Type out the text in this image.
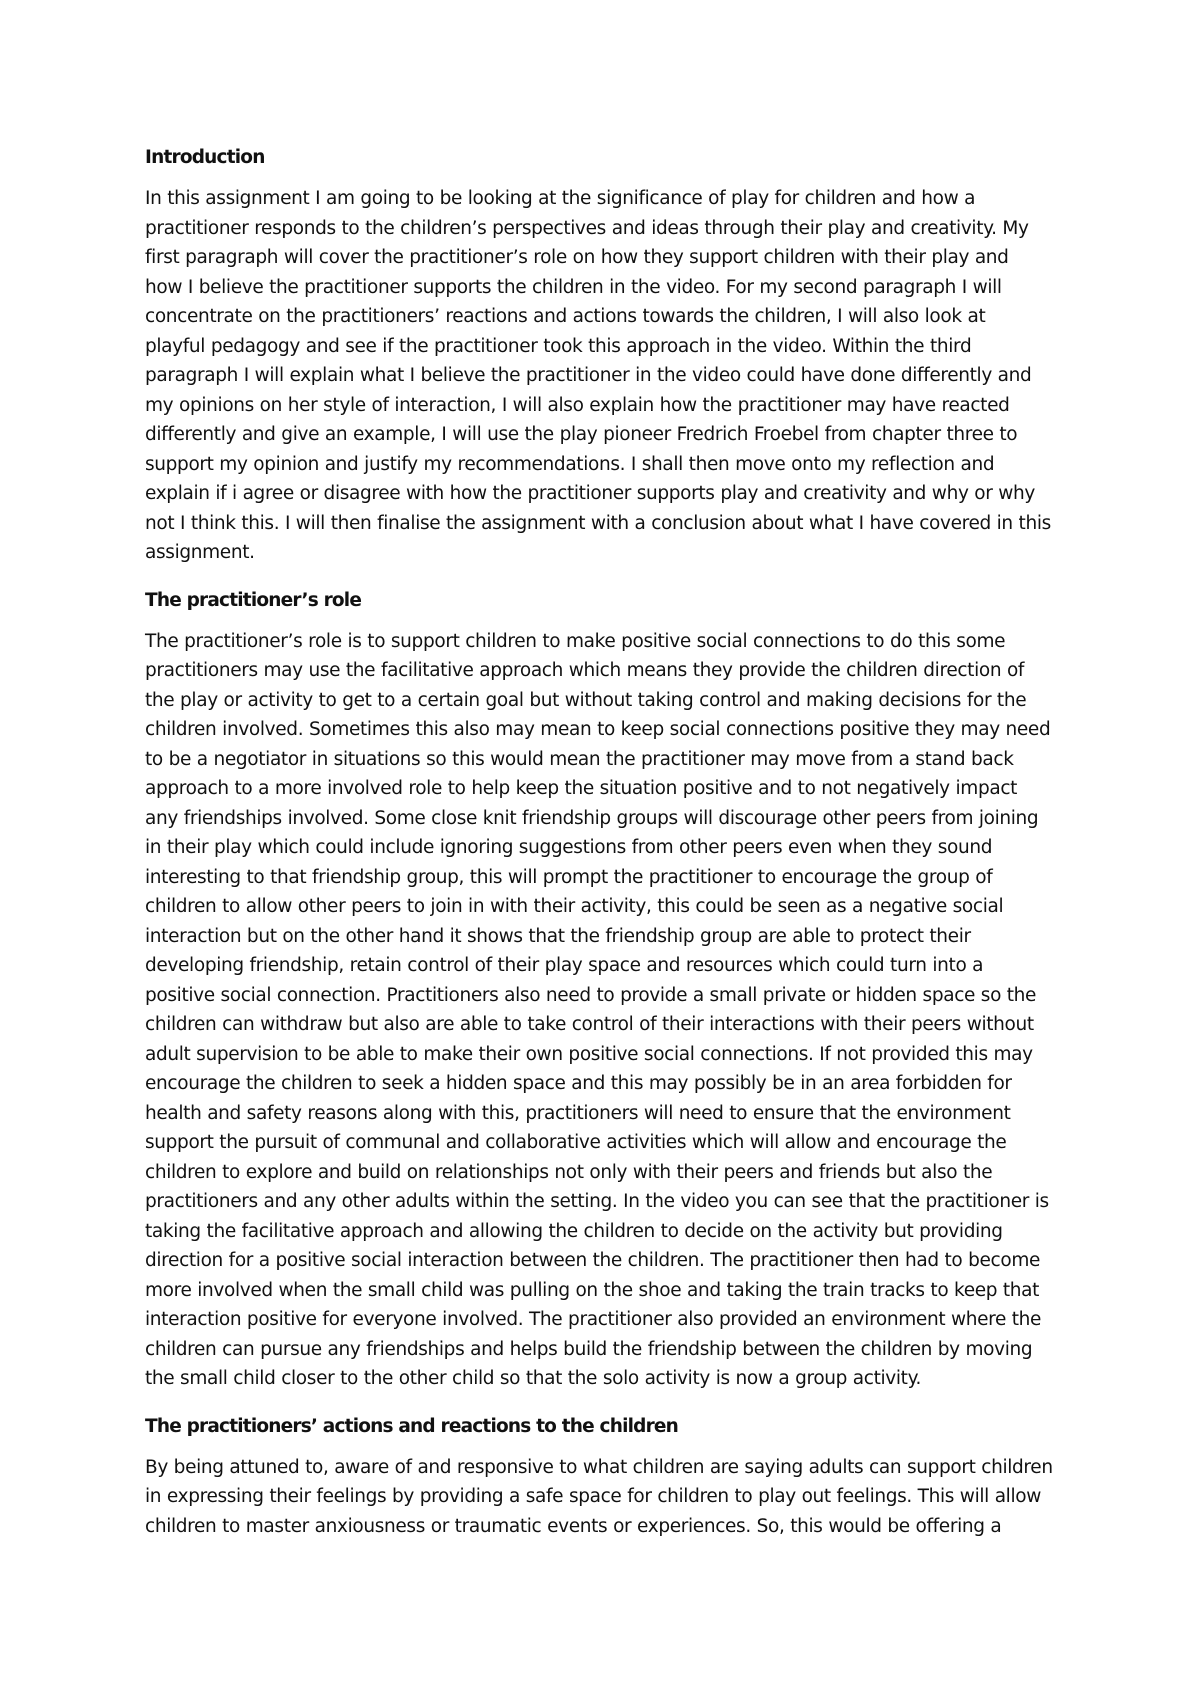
Introduction

In this assignment I am going to be looking at the significance of play for children and how a
practitioner responds to the children’s perspectives and ideas through their play and creativity. My
first paragraph will cover the practitioner’s role on how they support children with their play and
how I believe the practitioner supports the children in the video. For my second paragraph I will
concentrate on the practitioners’ reactions and actions towards the children, I will also look at
playful pedagogy and see if the practitioner took this approach in the video. Within the third
paragraph I will explain what I believe the practitioner in the video could have done differently and
my opinions on her style of interaction, I will also explain how the practitioner may have reacted
differently and give an example, I will use the play pioneer Fredrich Froebel from chapter three to
support my opinion and justify my recommendations. I shall then move onto my reflection and
explain if i agree or disagree with how the practitioner supports play and creativity and why or why
not I think this. I will then finalise the assignment with a conclusion about what I have covered in this
assignment.

The practitioner’s role

The practitioner’s role is to support children to make positive social connections to do this some
practitioners may use the facilitative approach which means they provide the children direction of
the play or activity to get to a certain goal but without taking control and making decisions for the
children involved. Sometimes this also may mean to keep social connections positive they may need
to be a negotiator in situations so this would mean the practitioner may move from a stand back
approach to a more involved role to help keep the situation positive and to not negatively impact
any friendships involved. Some close knit friendship groups will discourage other peers from joining
in their play which could include ignoring suggestions from other peers even when they sound
interesting to that friendship group, this will prompt the practitioner to encourage the group of
children to allow other peers to join in with their activity, this could be seen as a negative social
interaction but on the other hand it shows that the friendship group are able to protect their
developing friendship, retain control of their play space and resources which could turn into a
positive social connection. Practitioners also need to provide a small private or hidden space so the
children can withdraw but also are able to take control of their interactions with their peers without
adult supervision to be able to make their own positive social connections. If not provided this may
encourage the children to seek a hidden space and this may possibly be in an area forbidden for
health and safety reasons along with this, practitioners will need to ensure that the environment
support the pursuit of communal and collaborative activities which will allow and encourage the
children to explore and build on relationships not only with their peers and friends but also the
practitioners and any other adults within the setting. In the video you can see that the practitioner is
taking the facilitative approach and allowing the children to decide on the activity but providing
direction for a positive social interaction between the children. The practitioner then had to become
more involved when the small child was pulling on the shoe and taking the train tracks to keep that
interaction positive for everyone involved. The practitioner also provided an environment where the
children can pursue any friendships and helps build the friendship between the children by moving
the small child closer to the other child so that the solo activity is now a group activity.

The practitioners’ actions and reactions to the children

By being attuned to, aware of and responsive to what children are saying adults can support children
in expressing their feelings by providing a safe space for children to play out feelings. This will allow
children to master anxiousness or traumatic events or experiences. So, this would be offering a
